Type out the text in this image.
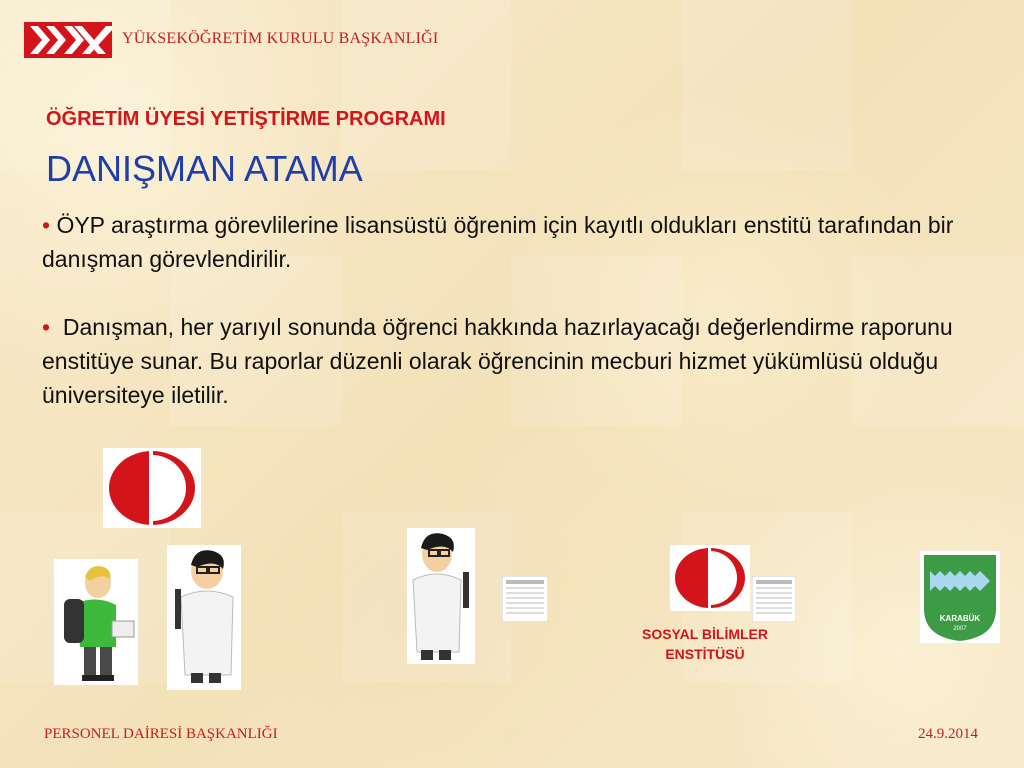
YÜKSEKÖĞRETİM KURULU BAŞKANLIĞI
ÖĞRETİM ÜYESİ YETİŞTİRME PROGRAMI
DANIŞMAN ATAMA

• ÖYP araştırma görevlilerine lisansüstü öğrenim için kayıtlı oldukları enstitü tarafından bir danışman görevlendirilir.

• Danışman, her yarıyıl sonunda öğrenci hakkında hazırlayacağı değerlendirme raporunu enstitüye sunar. Bu raporlar düzenli olarak öğrencinin mecburi hizmet yükümlüsü olduğu üniversiteye iletilir.

SOSYAL BİLİMLER
ENSTİTÜSÜ
KARABÜK
2007
PERSONEL DAİRESİ BAŞKANLIĞI	29	24.9.2014
